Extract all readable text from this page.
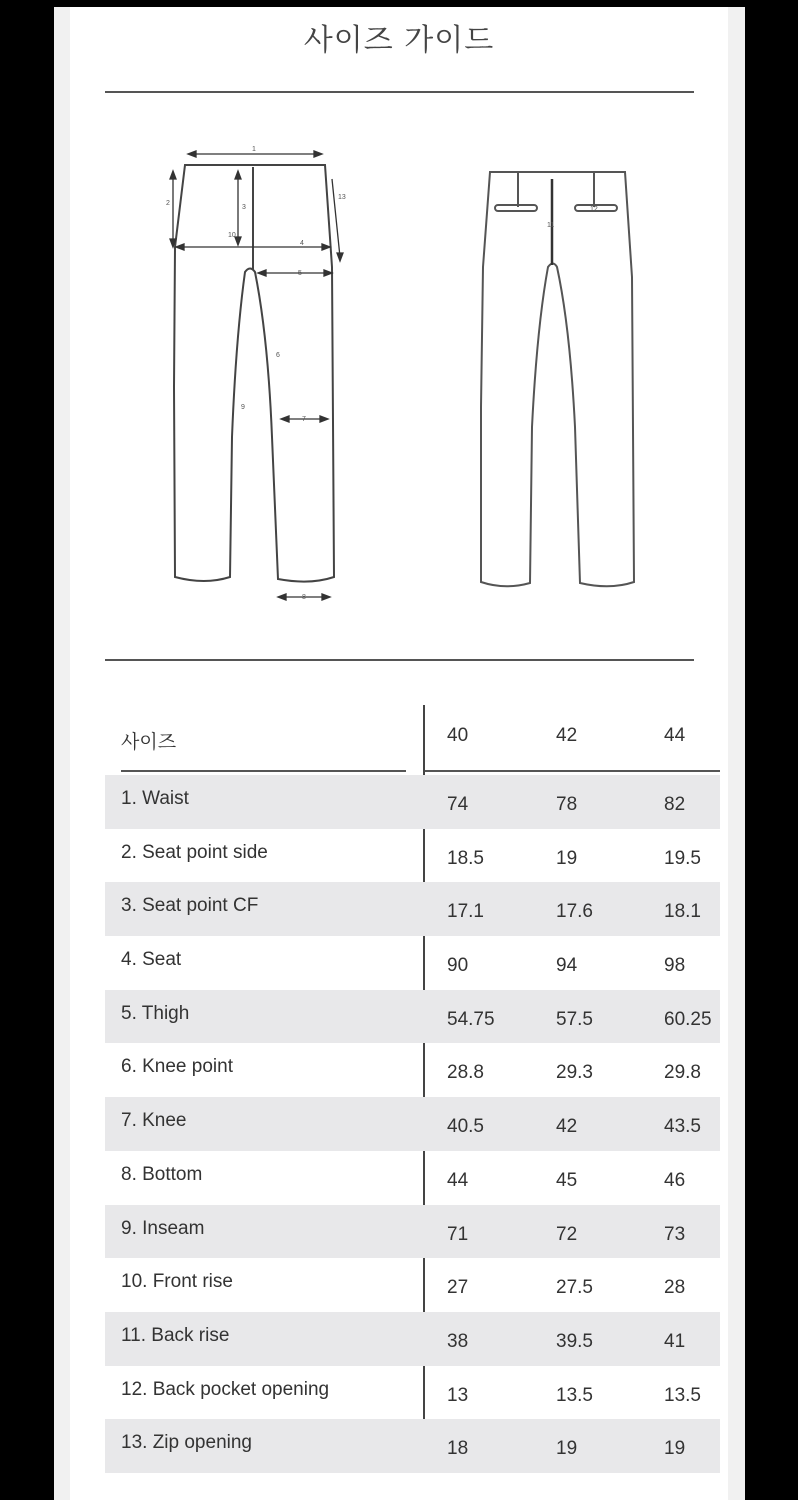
사이즈 가이드
1
2
3
10
4
5
6
7
8
9
13
11
12
사이즈	40	42	44
1. Waist	74	78	82
2. Seat point side	18.5	19	19.5
3. Seat point CF	17.1	17.6	18.1
4. Seat	90	94	98
5. Thigh	54.75	57.5	60.25
6. Knee point	28.8	29.3	29.8
7. Knee	40.5	42	43.5
8. Bottom	44	45	46
9. Inseam	71	72	73
10. Front rise	27	27.5	28
11. Back rise	38	39.5	41
12. Back pocket opening	13	13.5	13.5
13. Zip opening	18	19	19
